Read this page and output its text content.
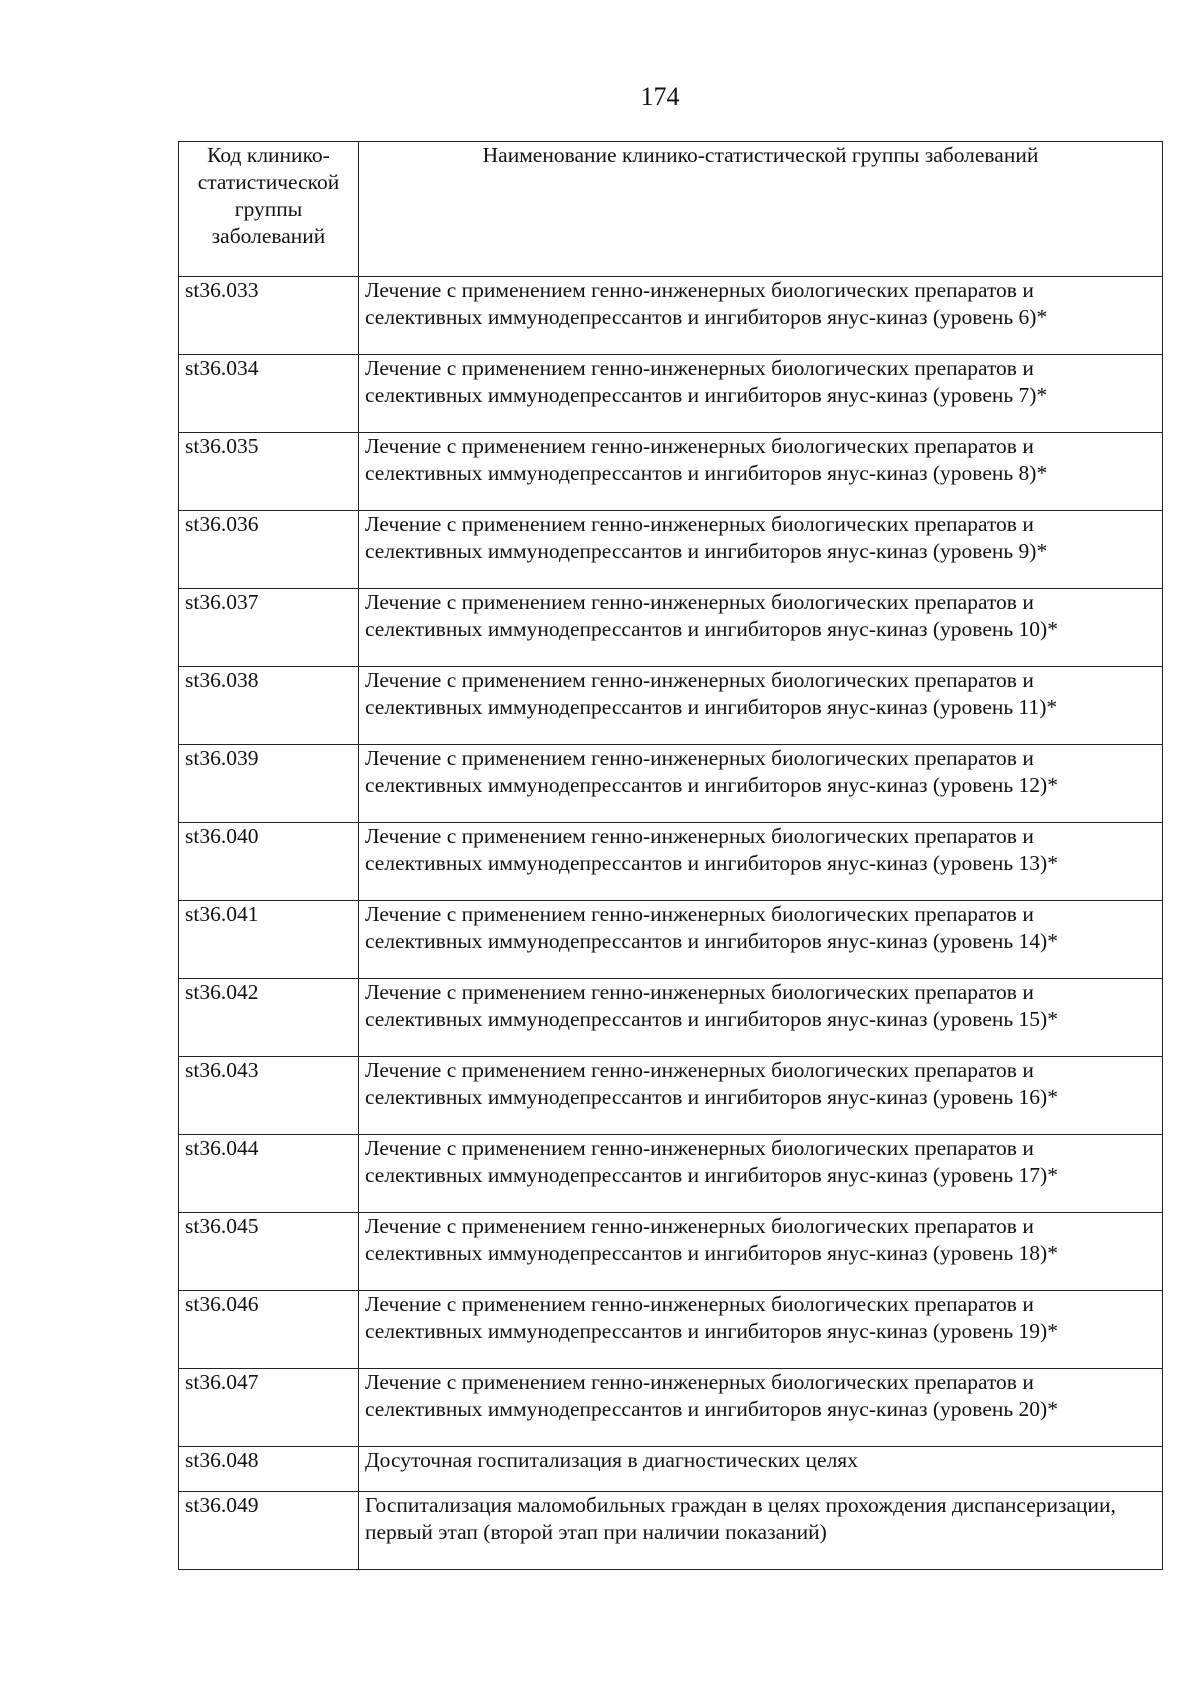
174
Код клинико-статистической группы заболеваний	Наименование клинико-статистической группы заболеваний
st36.033	Лечение с применением генно-инженерных биологических препаратов и селективных иммунодепрессантов и ингибиторов янус-киназ (уровень 6)*
st36.034	Лечение с применением генно-инженерных биологических препаратов и селективных иммунодепрессантов и ингибиторов янус-киназ (уровень 7)*
st36.035	Лечение с применением генно-инженерных биологических препаратов и селективных иммунодепрессантов и ингибиторов янус-киназ (уровень 8)*
st36.036	Лечение с применением генно-инженерных биологических препаратов и селективных иммунодепрессантов и ингибиторов янус-киназ (уровень 9)*
st36.037	Лечение с применением генно-инженерных биологических препаратов и селективных иммунодепрессантов и ингибиторов янус-киназ (уровень 10)*
st36.038	Лечение с применением генно-инженерных биологических препаратов и селективных иммунодепрессантов и ингибиторов янус-киназ (уровень 11)*
st36.039	Лечение с применением генно-инженерных биологических препаратов и селективных иммунодепрессантов и ингибиторов янус-киназ (уровень 12)*
st36.040	Лечение с применением генно-инженерных биологических препаратов и селективных иммунодепрессантов и ингибиторов янус-киназ (уровень 13)*
st36.041	Лечение с применением генно-инженерных биологических препаратов и селективных иммунодепрессантов и ингибиторов янус-киназ (уровень 14)*
st36.042	Лечение с применением генно-инженерных биологических препаратов и селективных иммунодепрессантов и ингибиторов янус-киназ (уровень 15)*
st36.043	Лечение с применением генно-инженерных биологических препаратов и селективных иммунодепрессантов и ингибиторов янус-киназ (уровень 16)*
st36.044	Лечение с применением генно-инженерных биологических препаратов и селективных иммунодепрессантов и ингибиторов янус-киназ (уровень 17)*
st36.045	Лечение с применением генно-инженерных биологических препаратов и селективных иммунодепрессантов и ингибиторов янус-киназ (уровень 18)*
st36.046	Лечение с применением генно-инженерных биологических препаратов и селективных иммунодепрессантов и ингибиторов янус-киназ (уровень 19)*
st36.047	Лечение с применением генно-инженерных биологических препаратов и селективных иммунодепрессантов и ингибиторов янус-киназ (уровень 20)*
st36.048	Досуточная госпитализация в диагностических целях
st36.049	Госпитализация маломобильных граждан в целях прохождения диспансеризации, первый этап (второй этап при наличии показаний)
